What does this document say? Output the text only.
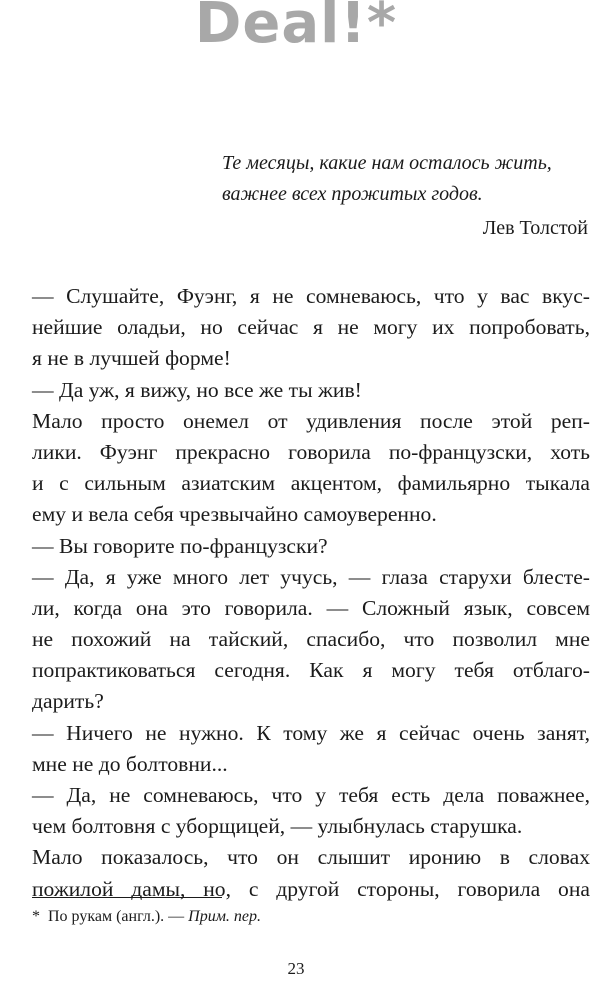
Deal!*
Те месяцы, какие нам осталось жить,
важнее всех прожитых годов.
Лев Толстой
— Слушайте, Фуэнг, я не сомневаюсь, что у вас вкус-
нейшие оладьи, но сейчас я не могу их попробовать,
я не в лучшей форме!
— Да уж, я вижу, но все же ты жив!
Мало просто онемел от удивления после этой реп-
лики. Фуэнг прекрасно говорила по-французски, хоть
и с сильным азиатским акцентом, фамильярно тыкала
ему и вела себя чрезвычайно самоуверенно.
— Вы говорите по-французски?
— Да, я уже много лет учусь, — глаза старухи блесте-
ли, когда она это говорила. — Сложный язык, совсем
не похожий на тайский, спасибо, что позволил мне
попрактиковаться сегодня. Как я могу тебя отблаго-
дарить?
— Ничего не нужно. К тому же я сейчас очень занят,
мне не до болтовни...
— Да, не сомневаюсь, что у тебя есть дела поважнее,
чем болтовня с уборщицей, — улыбнулась старушка.
Мало показалось, что он слышит иронию в словах
пожилой дамы, но, с другой стороны, говорила она
* По рукам (англ.). — Прим. пер.
23
